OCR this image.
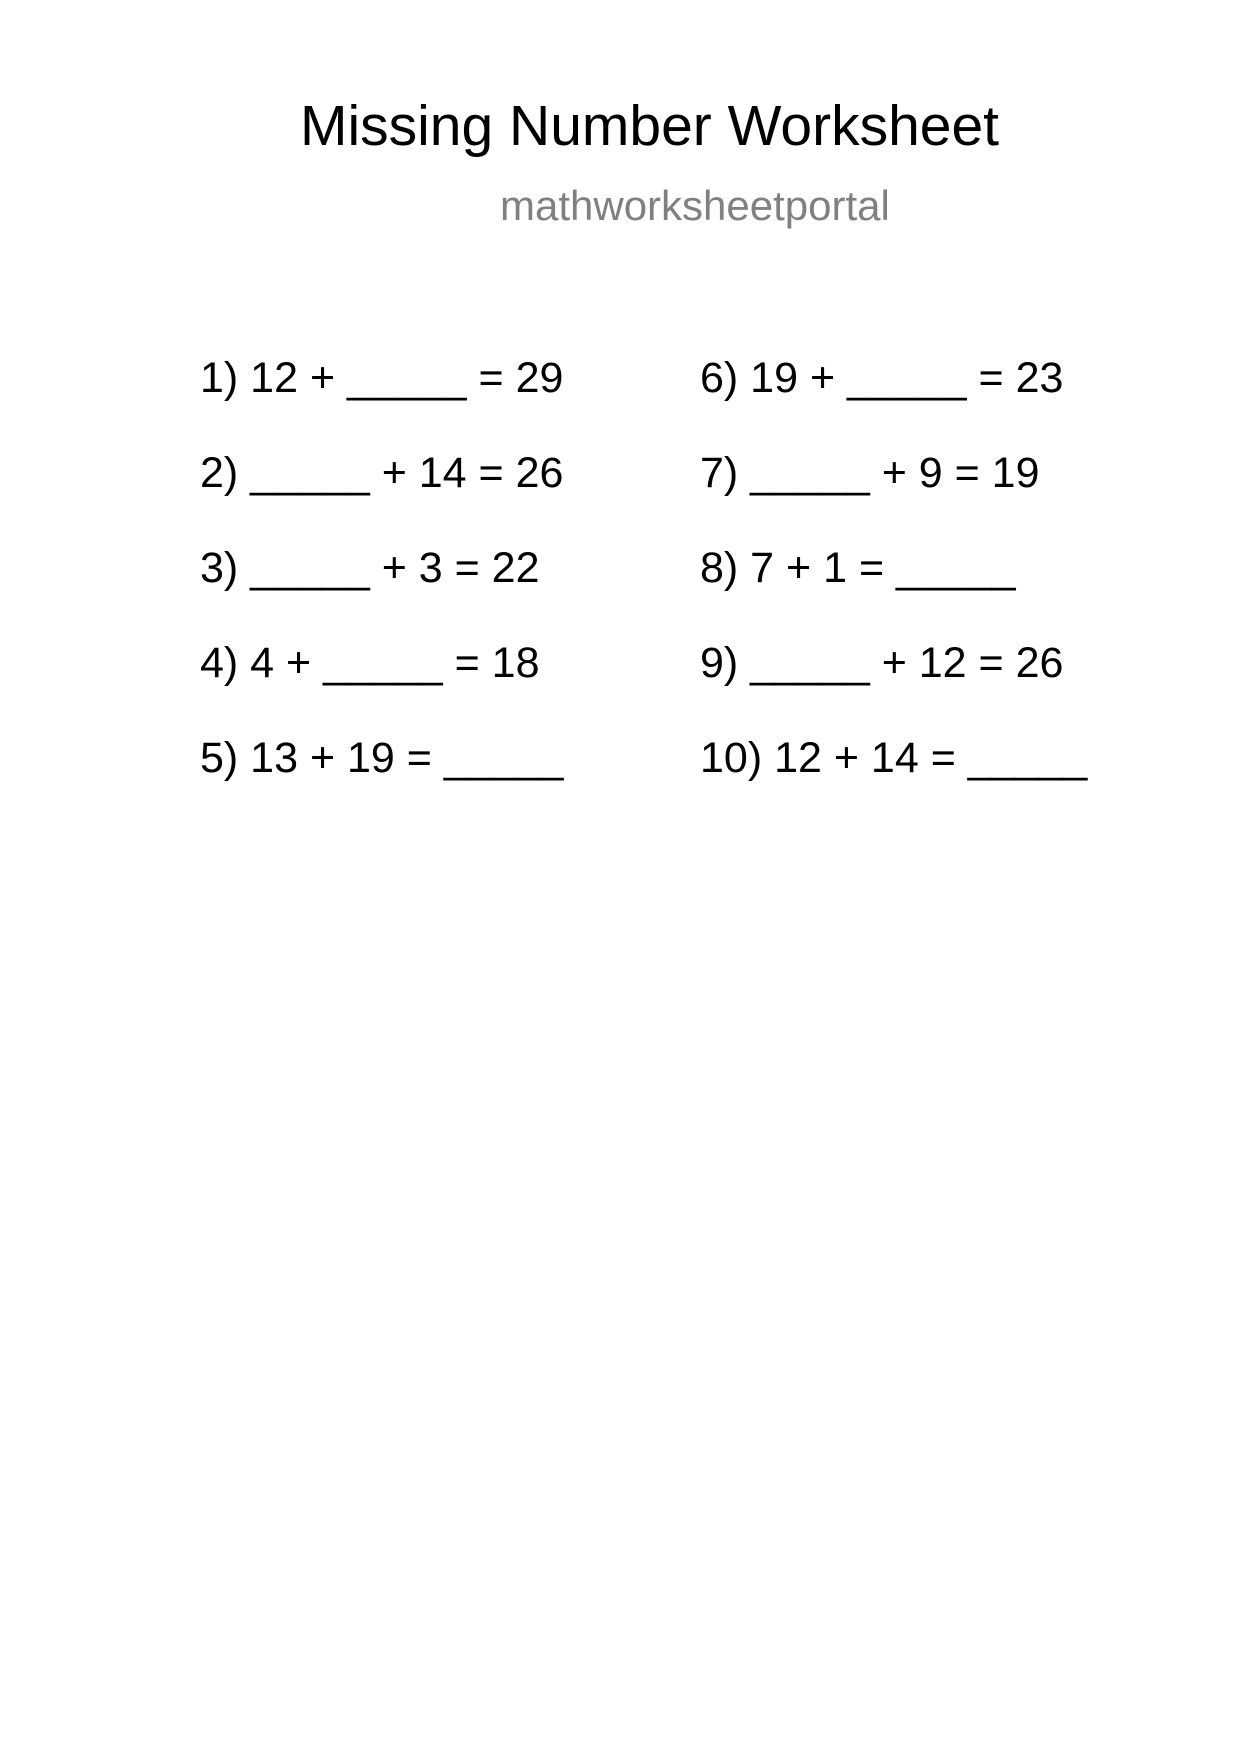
Missing Number Worksheet
mathworksheetportal
1) 12 + _____ = 29
2) _____ + 14 = 26
3) _____ + 3 = 22
4) 4 + _____ = 18
5) 13 + 19 = _____
6) 19 + _____ = 23
7) _____ + 9 = 19
8) 7 + 1 = _____
9) _____ + 12 = 26
10) 12 + 14 = _____
